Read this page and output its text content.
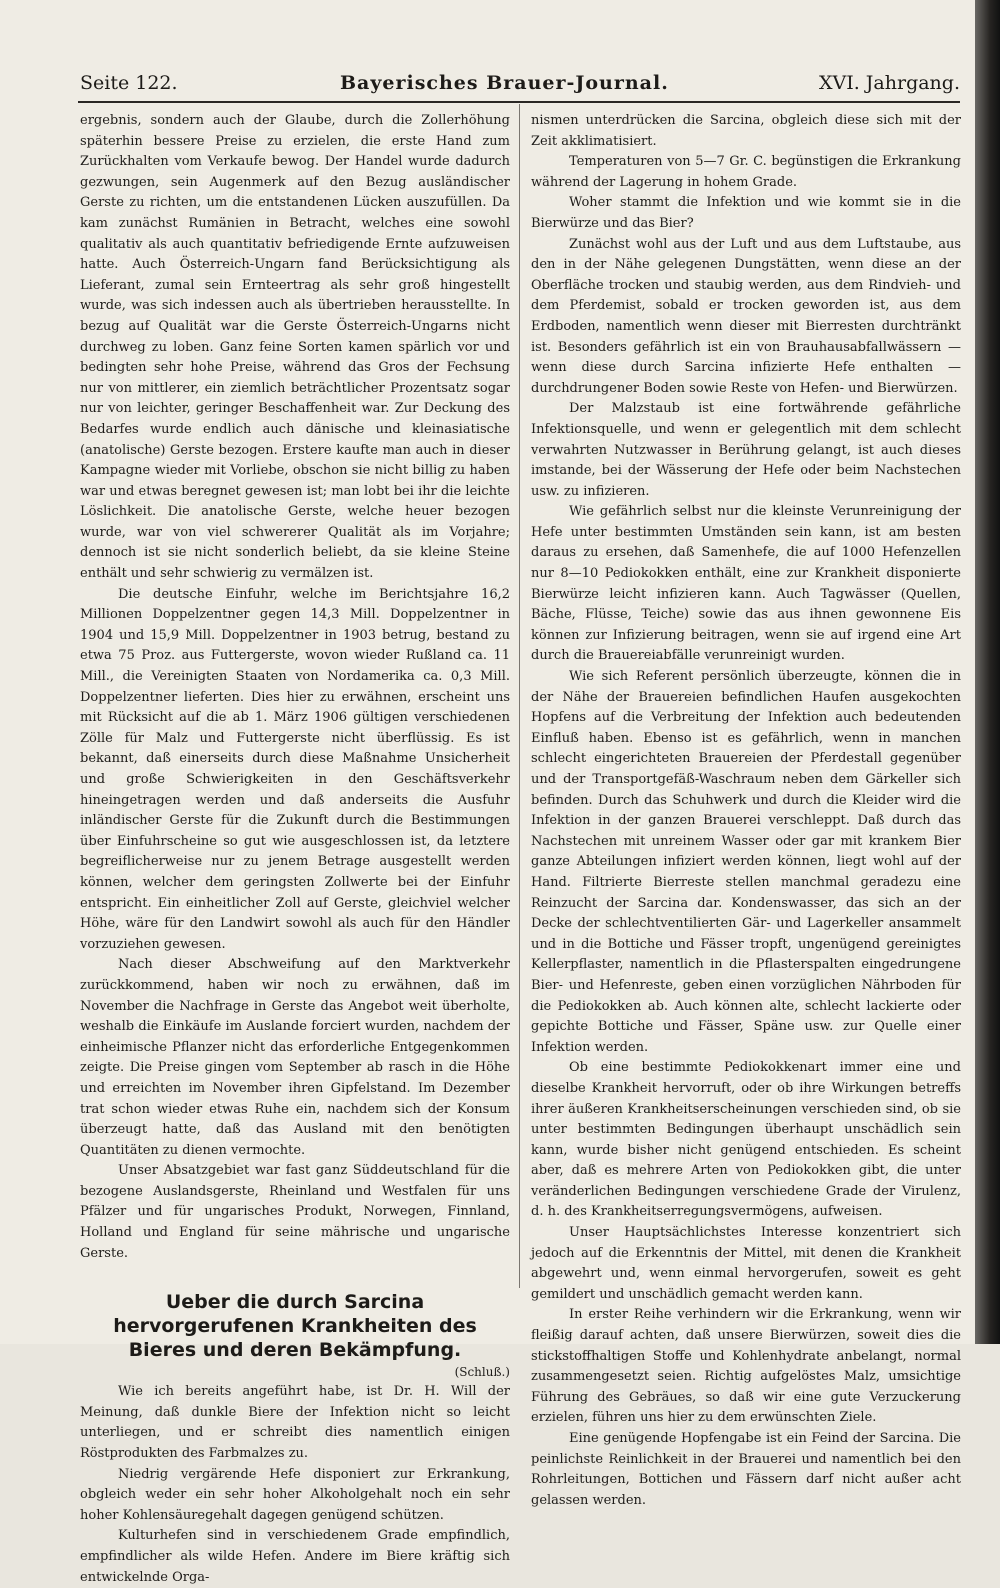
Seite 122.	Bayerisches Brauer-Journal.	XVI. Jahrgang.

ergebnis, sondern auch der Glaube, durch die Zollerhöhung späterhin bessere Preise zu erzielen, die erste Hand zum Zurückhalten vom Verkaufe bewog. Der Handel wurde dadurch gezwungen, sein Augenmerk auf den Bezug ausländischer Gerste zu richten, um die entstandenen Lücken auszufüllen. Da kam zunächst Rumänien in Betracht, welches eine sowohl qualitativ als auch quantitativ befriedigende Ernte aufzuweisen hatte. Auch Österreich-Ungarn fand Berücksichtigung als Lieferant, zumal sein Ernteertrag als sehr groß hingestellt wurde, was sich indessen auch als übertrieben herausstellte. In bezug auf Qualität war die Gerste Österreich-Ungarns nicht durchweg zu loben. Ganz feine Sorten kamen spärlich vor und bedingten sehr hohe Preise, während das Gros der Fechsung nur von mittlerer, ein ziemlich beträchtlicher Prozentsatz sogar nur von leichter, geringer Beschaffenheit war. Zur Deckung des Bedarfes wurde endlich auch dänische und kleinasiatische (anatolische) Gerste bezogen. Erstere kaufte man auch in dieser Kampagne wieder mit Vorliebe, obschon sie nicht billig zu haben war und etwas beregnet gewesen ist; man lobt bei ihr die leichte Löslichkeit. Die anatolische Gerste, welche heuer bezogen wurde, war von viel schwererer Qualität als im Vorjahre; dennoch ist sie nicht sonderlich beliebt, da sie kleine Steine enthält und sehr schwierig zu vermälzen ist.

Die deutsche Einfuhr, welche im Berichtsjahre 16,2 Millionen Doppelzentner gegen 14,3 Mill. Doppelzentner in 1904 und 15,9 Mill. Doppelzentner in 1903 betrug, bestand zu etwa 75 Proz. aus Futtergerste, wovon wieder Rußland ca. 11 Mill., die Vereinigten Staaten von Nordamerika ca. 0,3 Mill. Doppelzentner lieferten. Dies hier zu erwähnen, erscheint uns mit Rücksicht auf die ab 1. März 1906 gültigen verschiedenen Zölle für Malz und Futtergerste nicht überflüssig. Es ist bekannt, daß einerseits durch diese Maßnahme Unsicherheit und große Schwierigkeiten in den Geschäftsverkehr hineingetragen werden und daß anderseits die Ausfuhr inländischer Gerste für die Zukunft durch die Bestimmungen über Einfuhrscheine so gut wie ausgeschlossen ist, da letztere begreiflicherweise nur zu jenem Betrage ausgestellt werden können, welcher dem geringsten Zollwerte bei der Einfuhr entspricht. Ein einheitlicher Zoll auf Gerste, gleichviel welcher Höhe, wäre für den Landwirt sowohl als auch für den Händler vorzuziehen gewesen.

Nach dieser Abschweifung auf den Marktverkehr zurückkommend, haben wir noch zu erwähnen, daß im November die Nachfrage in Gerste das Angebot weit überholte, weshalb die Einkäufe im Auslande forciert wurden, nachdem der einheimische Pflanzer nicht das erforderliche Entgegenkommen zeigte. Die Preise gingen vom September ab rasch in die Höhe und erreichten im November ihren Gipfelstand. Im Dezember trat schon wieder etwas Ruhe ein, nachdem sich der Konsum überzeugt hatte, daß das Ausland mit den benötigten Quantitäten zu dienen vermochte.

Unser Absatzgebiet war fast ganz Süddeutschland für die bezogene Auslandsgerste, Rheinland und Westfalen für uns Pfälzer und für ungarisches Produkt, Norwegen, Finnland, Holland und England für seine mährische und ungarische Gerste.

Ueber die durch Sarcina hervorgerufenen Krankheiten des Bieres und deren Bekämpfung.
(Schluß.)

Wie ich bereits angeführt habe, ist Dr. H. Will der Meinung, daß dunkle Biere der Infektion nicht so leicht unterliegen, und er schreibt dies namentlich einigen Röstprodukten des Farbmalzes zu.

Niedrig vergärende Hefe disponiert zur Erkrankung, obgleich weder ein sehr hoher Alkoholgehalt noch ein sehr hoher Kohlensäuregehalt dagegen genügend schützen.

Kulturhefen sind in verschiedenem Grade empfindlich, empfindlicher als wilde Hefen. Andere im Biere kräftig sich entwickelnde Orga-

nismen unterdrücken die Sarcina, obgleich diese sich mit der Zeit akklimatisiert.

Temperaturen von 5—7 Gr. C. begünstigen die Erkrankung während der Lagerung in hohem Grade.

Woher stammt die Infektion und wie kommt sie in die Bierwürze und das Bier?

Zunächst wohl aus der Luft und aus dem Luftstaube, aus den in der Nähe gelegenen Dungstätten, wenn diese an der Oberfläche trocken und staubig werden, aus dem Rindvieh- und dem Pferdemist, sobald er trocken geworden ist, aus dem Erdboden, namentlich wenn dieser mit Bierresten durchtränkt ist. Besonders gefährlich ist ein von Brauhausabfallwässern — wenn diese durch Sarcina infizierte Hefe enthalten — durchdrungener Boden sowie Reste von Hefen- und Bierwürzen.

Der Malzstaub ist eine fortwährende gefährliche Infektionsquelle, und wenn er gelegentlich mit dem schlecht verwahrten Nutzwasser in Berührung gelangt, ist auch dieses imstande, bei der Wässerung der Hefe oder beim Nachstechen usw. zu infizieren.

Wie gefährlich selbst nur die kleinste Verunreinigung der Hefe unter bestimmten Umständen sein kann, ist am besten daraus zu ersehen, daß Samenhefe, die auf 1000 Hefenzellen nur 8—10 Pediokokken enthält, eine zur Krankheit disponierte Bierwürze leicht infizieren kann. Auch Tagwässer (Quellen, Bäche, Flüsse, Teiche) sowie das aus ihnen gewonnene Eis können zur Infizierung beitragen, wenn sie auf irgend eine Art durch die Brauereiabfälle verunreinigt wurden.

Wie sich Referent persönlich überzeugte, können die in der Nähe der Brauereien befindlichen Haufen ausgekochten Hopfens auf die Verbreitung der Infektion auch bedeutenden Einfluß haben. Ebenso ist es gefährlich, wenn in manchen schlecht eingerichteten Brauereien der Pferdestall gegenüber und der Transportgefäß-Waschraum neben dem Gärkeller sich befinden. Durch das Schuhwerk und durch die Kleider wird die Infektion in der ganzen Brauerei verschleppt. Daß durch das Nachstechen mit unreinem Wasser oder gar mit krankem Bier ganze Abteilungen infiziert werden können, liegt wohl auf der Hand. Filtrierte Bierreste stellen manchmal geradezu eine Reinzucht der Sarcina dar. Kondenswasser, das sich an der Decke der schlechtventilierten Gär- und Lagerkeller ansammelt und in die Bottiche und Fässer tropft, ungenügend gereinigtes Kellerpflaster, namentlich in die Pflasterspalten eingedrungene Bier- und Hefenreste, geben einen vorzüglichen Nährboden für die Pediokokken ab. Auch können alte, schlecht lackierte oder gepichte Bottiche und Fässer, Späne usw. zur Quelle einer Infektion werden.

Ob eine bestimmte Pediokokkenart immer eine und dieselbe Krankheit hervorruft, oder ob ihre Wirkungen betreffs ihrer äußeren Krankheitserscheinungen verschieden sind, ob sie unter bestimmten Bedingungen überhaupt unschädlich sein kann, wurde bisher nicht genügend entschieden. Es scheint aber, daß es mehrere Arten von Pediokokken gibt, die unter veränderlichen Bedingungen verschiedene Grade der Virulenz, d. h. des Krankheitserregungsvermögens, aufweisen.

Unser Hauptsächlichstes Interesse konzentriert sich jedoch auf die Erkenntnis der Mittel, mit denen die Krankheit abgewehrt und, wenn einmal hervorgerufen, soweit es geht gemildert und unschädlich gemacht werden kann.

In erster Reihe verhindern wir die Erkrankung, wenn wir fleißig darauf achten, daß unsere Bierwürzen, soweit dies die stickstoffhaltigen Stoffe und Kohlenhydrate anbelangt, normal zusammengesetzt seien. Richtig aufgelöstes Malz, umsichtige Führung des Gebräues, so daß wir eine gute Verzuckerung erzielen, führen uns hier zu dem erwünschten Ziele.

Eine genügende Hopfengabe ist ein Feind der Sarcina. Die peinlichste Reinlichkeit in der Brauerei und namentlich bei den Rohrleitungen, Bottichen und Fässern darf nicht außer acht gelassen werden.
